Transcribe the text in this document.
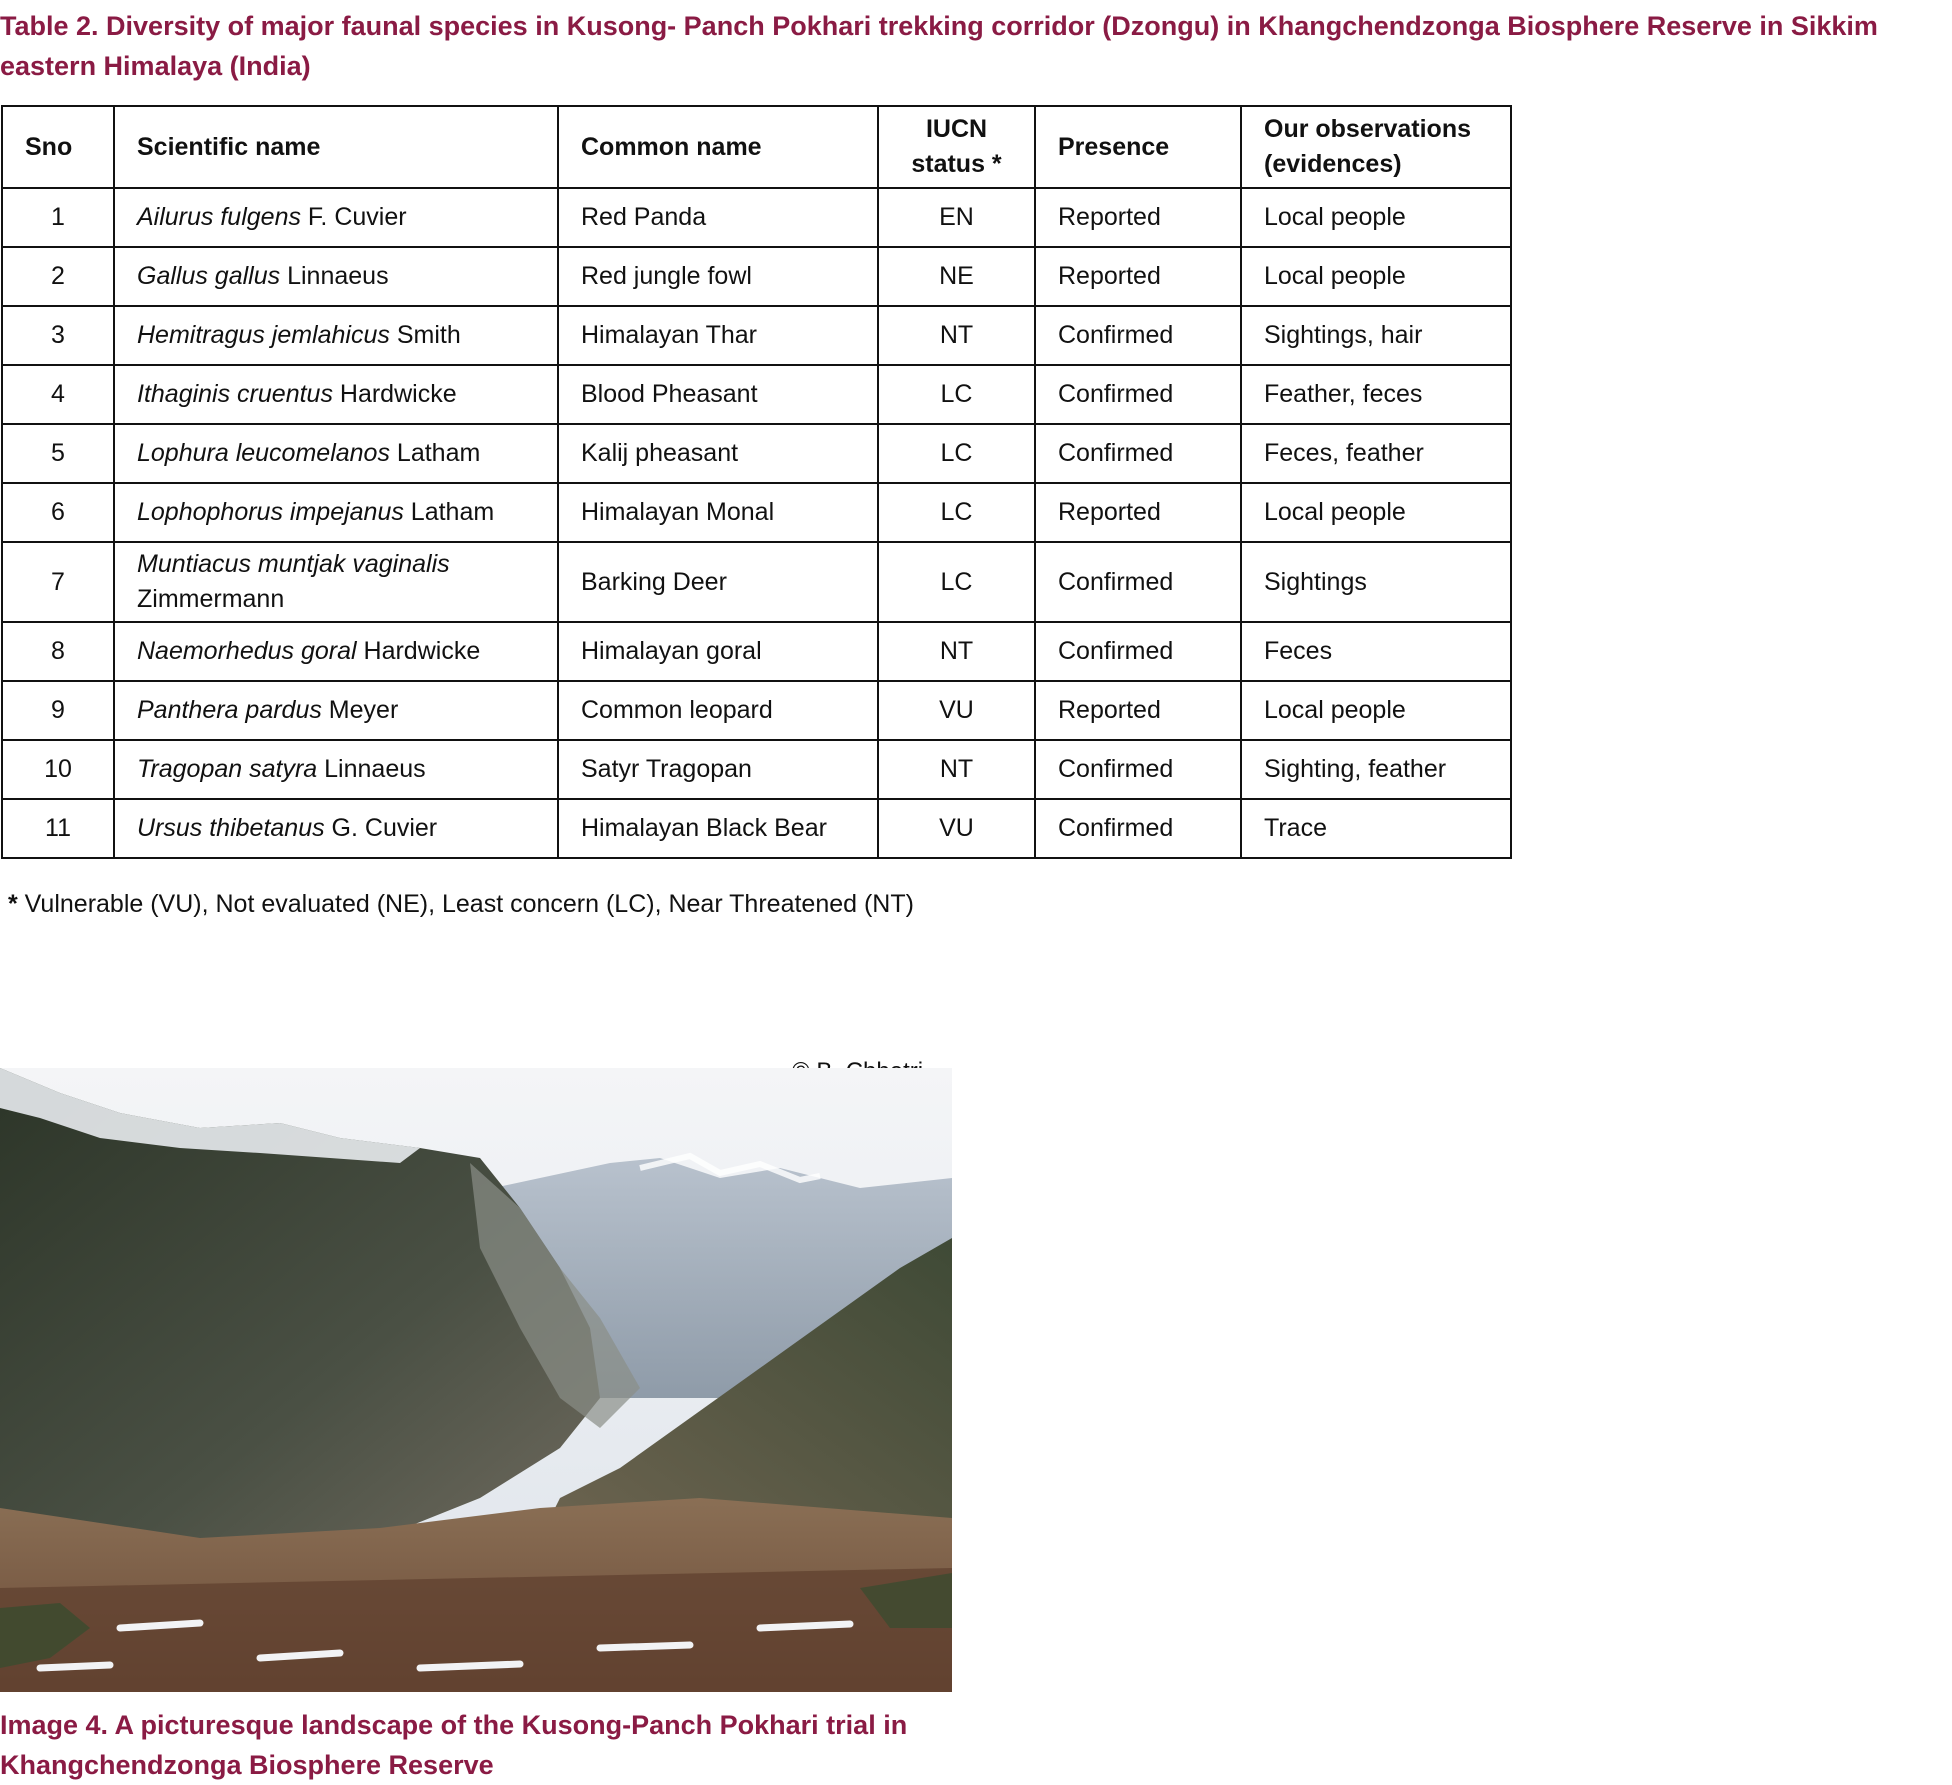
Table 2. Diversity of major faunal species in Kusong- Panch Pokhari trekking corridor (Dzongu) in Khangchendzonga Biosphere Reserve in Sikkim eastern Himalaya (India)
Sno	Scientific name	Common name	IUCN status *	Presence	Our observations (evidences)
1	Ailurus fulgens F. Cuvier	Red Panda	EN	Reported	Local people
2	Gallus gallus Linnaeus	Red jungle fowl	NE	Reported	Local people
3	Hemitragus jemlahicus Smith	Himalayan Thar	NT	Confirmed	Sightings, hair
4	Ithaginis cruentus Hardwicke	Blood Pheasant	LC	Confirmed	Feather, feces
5	Lophura leucomelanos Latham	Kalij pheasant	LC	Confirmed	Feces, feather
6	Lophophorus impejanus Latham	Himalayan Monal	LC	Reported	Local people
7	Muntiacus muntjak vaginalis Zimmermann	Barking Deer	LC	Confirmed	Sightings
8	Naemorhedus goral Hardwicke	Himalayan goral	NT	Confirmed	Feces
9	Panthera pardus Meyer	Common leopard	VU	Reported	Local people
10	Tragopan satyra Linnaeus	Satyr Tragopan	NT	Confirmed	Sighting, feather
11	Ursus thibetanus G. Cuvier	Himalayan Black Bear	VU	Confirmed	Trace
* Vulnerable (VU), Not evaluated (NE), Least concern (LC), Near Threatened (NT)
Image 4. A picturesque landscape of the Kusong-Panch Pokhari trial in Khangchendzonga Biosphere Reserve
